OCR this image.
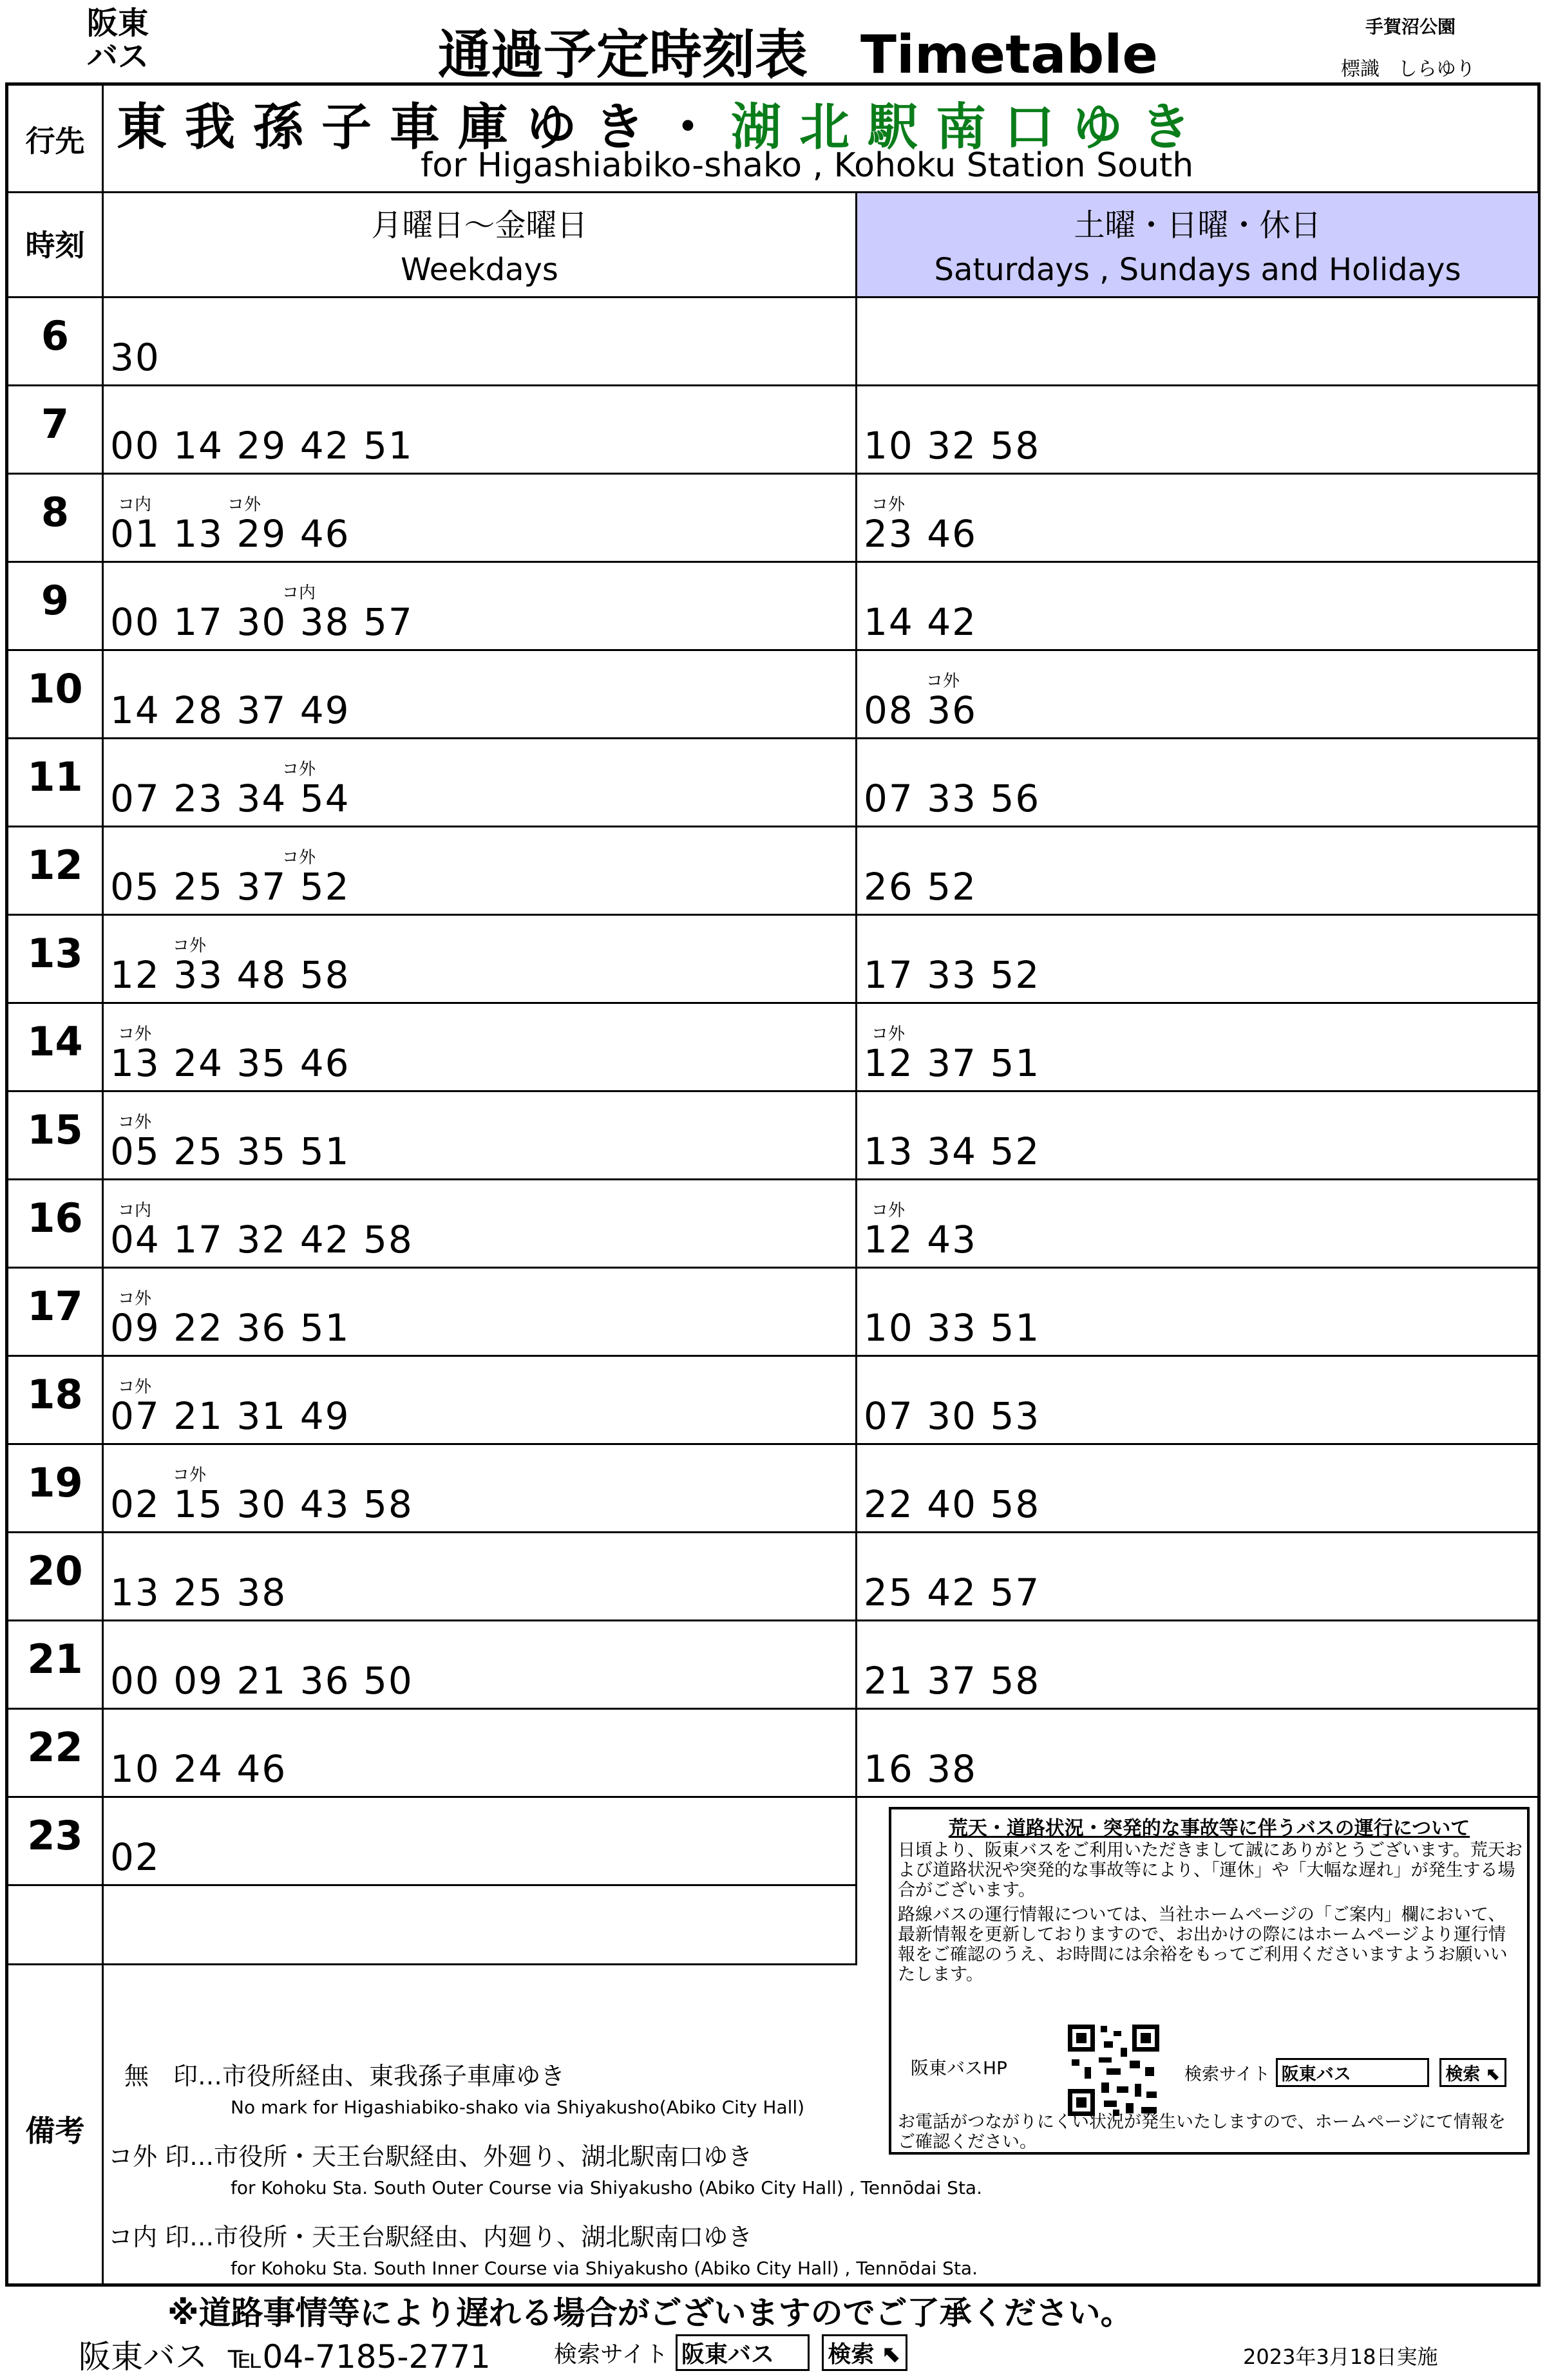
阪東
バス	通過予定時刻表　Timetable	手賀沼公園
標識 しらゆり
行先
時刻
備考
東我孫子車庫ゆき・湖北駅南口ゆき
for Higashiabiko-shako , Kohoku Station South
月曜日〜金曜日
Weekdays
土曜・日曜・休日
Saturdays , Sundays and Holidays
6	30
7	00 14 29 42 51	10 32 58
8	01 13 29 46	23 46
9	00 17 30 38 57	14 42
10 14 28 37 49	08 36
11 07 23 34 54	07 33 56
12 05 25 37 52	26 52
13 12 33 48 58	17 33 52
14 13 24 35 46	12 37 51
15 05 25 35 51	13 34 52
16 04 17 32 42 58	12 43
17 09 22 36 51	10 33 51
18 07 21 31 49	07 30 53
19 02 15 30 43 58	22 40 58
20 13 25 38	25 42 57
21 00 09 21 36 50	21 37 58
22 10 24 46	16 38
23 02
コ内	コ外	コ外
コ内
コ外
コ外
コ外
コ外
コ外	コ外
コ外
コ内	コ外
コ外
コ外
コ外
無　印…市役所経由、東我孫子車庫ゆき
No mark for Higashiabiko-shako via Shiyakusho(Abiko City Hall)
コ外 印…市役所・天王台駅経由、外廻り、湖北駅南口ゆき
for Kohoku Sta. South Outer Course via Shiyakusho (Abiko City Hall) , Tennōdai Sta.
コ内 印…市役所・天王台駅経由、内廻り、湖北駅南口ゆき
for Kohoku Sta. South Inner Course via Shiyakusho (Abiko City Hall) , Tennōdai Sta.
荒天・道路状況・突発的な事故等に伴うバスの運行について
日頃より、阪東バスをご利用いただきまして誠にありがとうございます。荒天および道路状況や突発的な事故等により、「運休」や「大幅な遅れ」が発生する場合がございます。
路線バスの運行情報については、当社ホームページの「ご案内」欄において、最新情報を更新しておりますので、お出かけの際にはホームページより運行情報をご確認のうえ、お時間には余裕をもってご利用くださいますようお願いいたします。
阪東バスHP	検索サイト 阪東バス	検索 ⬉
お電話がつながりにくい状況が発生いたしますので、ホームページにて情報をご確認ください。
※道路事情等により遅れる場合がございますのでご了承ください。
阪東バス ℡04-7185-2771	検索サイト 阪東バス 検索 ⬉	2023年3月18日実施
